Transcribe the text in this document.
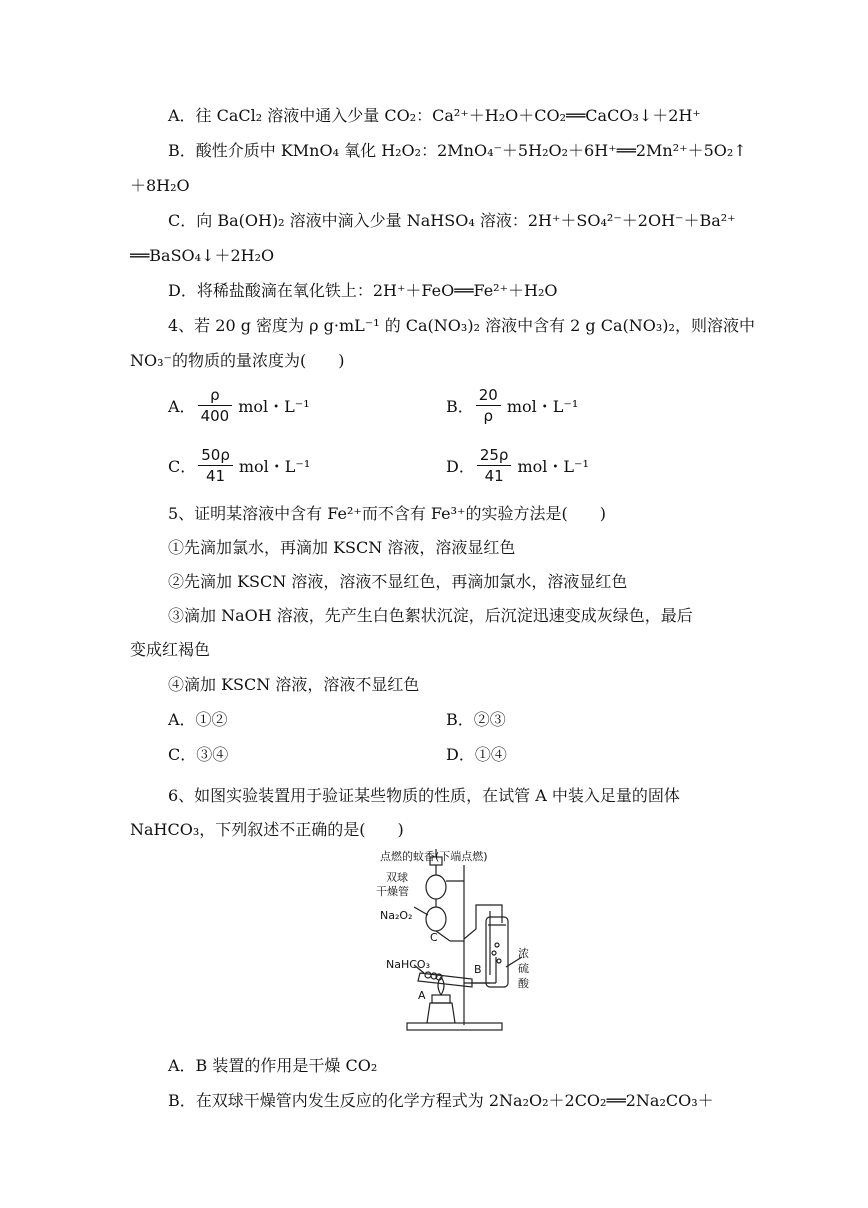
A．往 CaCl₂ 溶液中通入少量 CO₂：Ca²⁺＋H₂O＋CO₂══CaCO₃↓＋2H⁺
B．酸性介质中 KMnO₄ 氧化 H₂O₂：2MnO₄⁻＋5H₂O₂＋6H⁺══2Mn²⁺＋5O₂↑
＋8H₂O
C．向 Ba(OH)₂ 溶液中滴入少量 NaHSO₄ 溶液：2H⁺＋SO₄²⁻＋2OH⁻＋Ba²⁺
══BaSO₄↓＋2H₂O
D．将稀盐酸滴在氧化铁上：2H⁺＋FeO══Fe²⁺＋H₂O
4、若 20 g 密度为 ρ g·mL⁻¹ 的 Ca(NO₃)₂ 溶液中含有 2 g Ca(NO₃)₂，则溶液中
NO₃⁻的物质的量浓度为(　　)
A． $\frac{\rho}{400}$ mol・L⁻¹	B． $\frac{20}{\rho}$ mol・L⁻¹
C． $\frac{50\rho}{41}$ mol・L⁻¹	D． $\frac{25\rho}{41}$ mol・L⁻¹
5、证明某溶液中含有 Fe²⁺而不含有 Fe³⁺的实验方法是(　　)
①先滴加氯水，再滴加 KSCN 溶液，溶液显红色
②先滴加 KSCN 溶液，溶液不显红色，再滴加氯水，溶液显红色
③滴加 NaOH 溶液，先产生白色絮状沉淀，后沉淀迅速变成灰绿色，最后
变成红褐色
④滴加 KSCN 溶液，溶液不显红色
A．①②	B．②③
C．③④	D．①④
6、如图实验装置用于验证某些物质的性质，在试管 A 中装入足量的固体
NaHCO₃，下列叙述不正确的是(　　)
点燃的蚊香(下端点燃)
双球
干燥管
Na₂O₂
C
NaHCO₃
A
B
浓
硫
酸
A．B 装置的作用是干燥 CO₂
B．在双球干燥管内发生反应的化学方程式为 2Na₂O₂＋2CO₂══2Na₂CO₃＋
